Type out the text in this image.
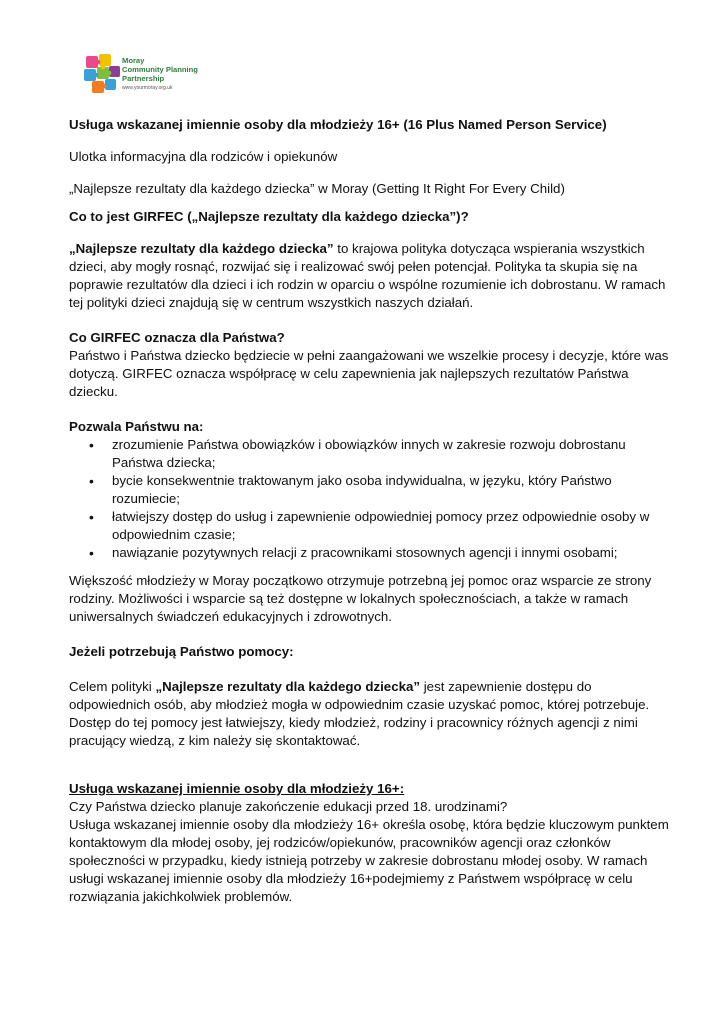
Moray
Community Planning
Partnership
www.yourmoray.org.uk

Usługa wskazanej imiennie osoby dla młodzieży 16+ (16 Plus Named Person Service)

Ulotka informacyjna dla rodziców i opiekunów

„Najlepsze rezultaty dla każdego dziecka” w Moray (Getting It Right For Every Child)

Co to jest GIRFEC („Najlepsze rezultaty dla każdego dziecka”)?

„Najlepsze rezultaty dla każdego dziecka” to krajowa polityka dotycząca wspierania wszystkich dzieci, aby mogły rosnąć, rozwijać się i realizować swój pełen potencjał. Polityka ta skupia się na poprawie rezultatów dla dzieci i ich rodzin w oparciu o wspólne rozumienie ich dobrostanu. W ramach tej polityki dzieci znajdują się w centrum wszystkich naszych działań.

Co GIRFEC oznacza dla Państwa?

Państwo i Państwa dziecko będziecie w pełni zaangażowani we wszelkie procesy i decyzje, które was dotyczą. GIRFEC oznacza współpracę w celu zapewnienia jak najlepszych rezultatów Państwa dziecku.

Pozwala Państwu na:

• zrozumienie Państwa obowiązków i obowiązków innych w zakresie rozwoju dobrostanu Państwa dziecka;
• bycie konsekwentnie traktowanym jako osoba indywidualna, w języku, który Państwo rozumiecie;
• łatwiejszy dostęp do usług i zapewnienie odpowiedniej pomocy przez odpowiednie osoby w odpowiednim czasie;
• nawiązanie pozytywnych relacji z pracownikami stosownych agencji i innymi osobami;

Większość młodzieży w Moray początkowo otrzymuje potrzebną jej pomoc oraz wsparcie ze strony rodziny. Możliwości i wsparcie są też dostępne w lokalnych społecznościach, a także w ramach uniwersalnych świadczeń edukacyjnych i zdrowotnych.

Jeżeli potrzebują Państwo pomocy:

Celem polityki „Najlepsze rezultaty dla każdego dziecka” jest zapewnienie dostępu do odpowiednich osób, aby młodzież mogła w odpowiednim czasie uzyskać pomoc, której potrzebuje. Dostęp do tej pomocy jest łatwiejszy, kiedy młodzież, rodziny i pracownicy różnych agencji z nimi pracujący wiedzą, z kim należy się skontaktować.

Usługa wskazanej imiennie osoby dla młodzieży 16+:

Czy Państwa dziecko planuje zakończenie edukacji przed 18. urodzinami?

Usługa wskazanej imiennie osoby dla młodzieży 16+ określa osobę, która będzie kluczowym punktem kontaktowym dla młodej osoby, jej rodziców/opiekunów, pracowników agencji oraz członków społeczności w przypadku, kiedy istnieją potrzeby w zakresie dobrostanu młodej osoby. W ramach usługi wskazanej imiennie osoby dla młodzieży 16+podejmiemy z Państwem współpracę w celu rozwiązania jakichkolwiek problemów.
